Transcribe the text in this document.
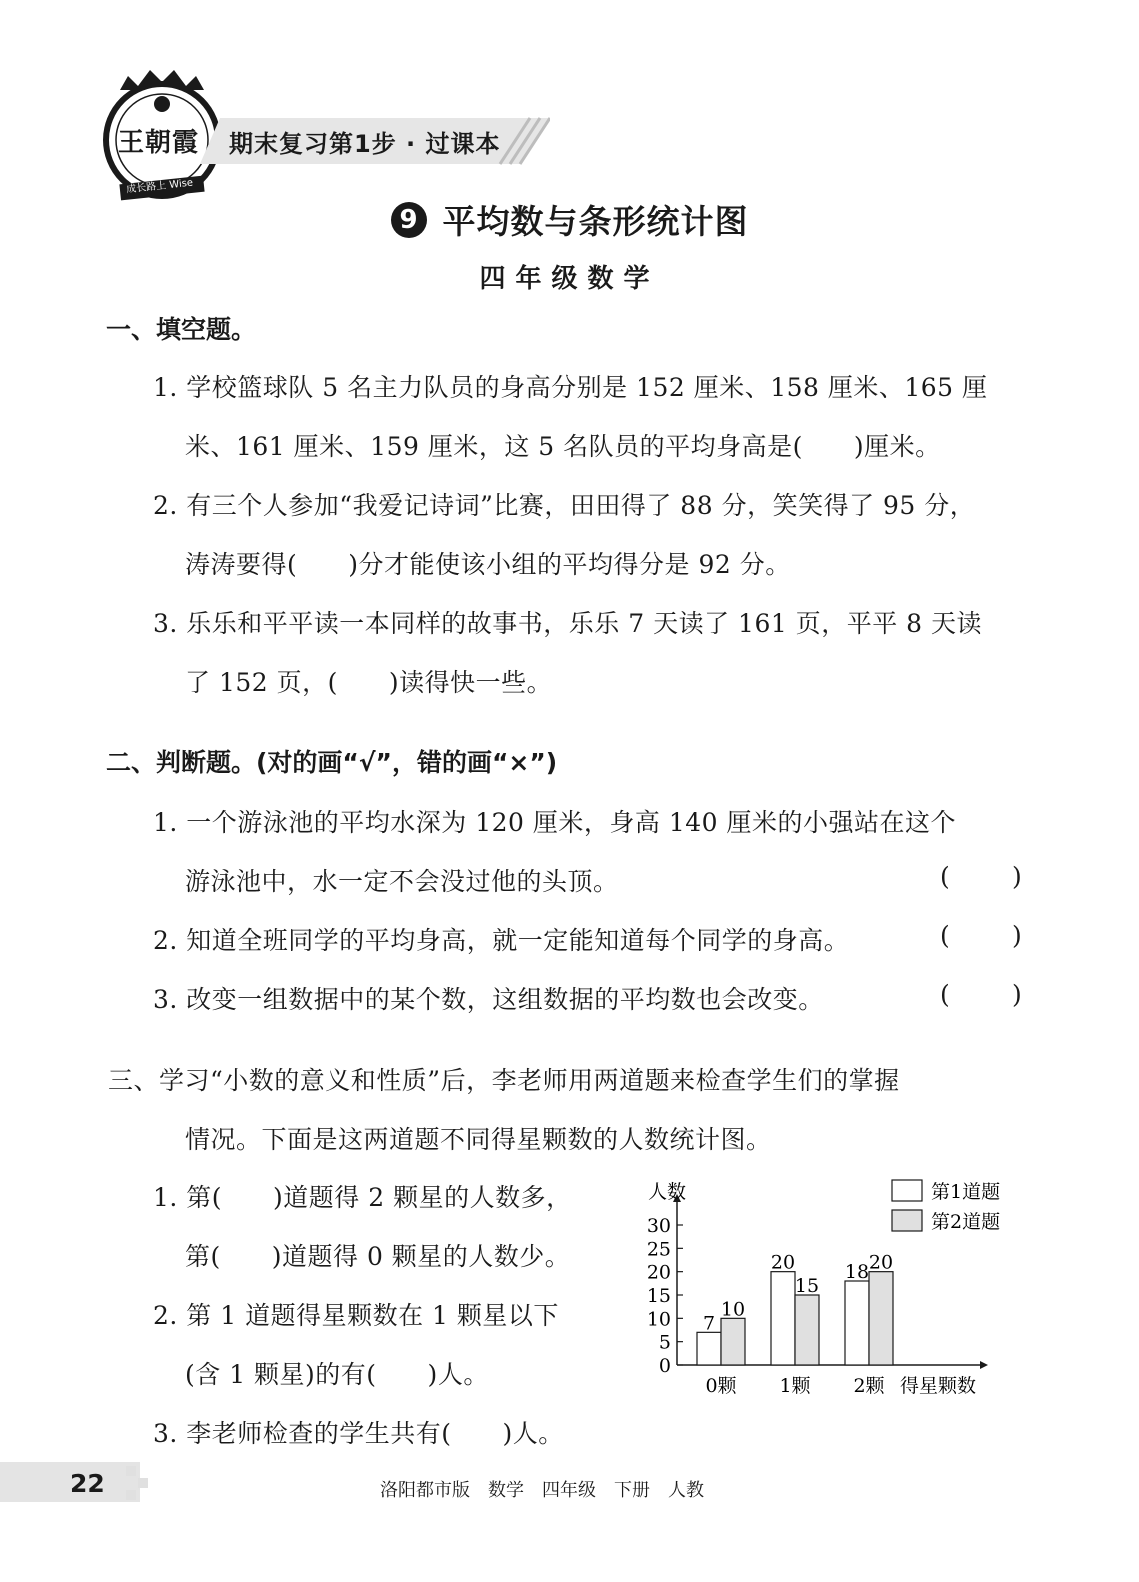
王朝霞
成长路上 Wise
期末复习第1步 · 过课本
9 平均数与条形统计图
四年级数学
一、填空题。
1. 学校篮球队 5 名主力队员的身高分别是 152 厘米、158 厘米、165 厘
米、161 厘米、159 厘米，这 5 名队员的平均身高是(　　)厘米。
2. 有三个人参加“我爱记诗词”比赛，田田得了 88 分，笑笑得了 95 分，
涛涛要得(　　)分才能使该小组的平均得分是 92 分。
3. 乐乐和平平读一本同样的故事书，乐乐 7 天读了 161 页，平平 8 天读
了 152 页，(　　)读得快一些。
二、判断题。(对的画“√”，错的画“×”)
1. 一个游泳池的平均水深为 120 厘米，身高 140 厘米的小强站在这个
游泳池中，水一定不会没过他的头顶。	( )
2. 知道全班同学的平均身高，就一定能知道每个同学的身高。	( )
3. 改变一组数据中的某个数，这组数据的平均数也会改变。	( )
三、学习“小数的意义和性质”后，李老师用两道题来检查学生们的掌握
情况。下面是这两道题不同得星颗数的人数统计图。
1. 第(　　)道题得 2 颗星的人数多，
第(　　)道题得 0 颗星的人数少。
2. 第 1 道题得星颗数在 1 颗星以下
(含 1 颗星)的有(　　)人。
3. 李老师检查的学生共有(　　)人。
人数
得星颗数
0
5
10
15
20
25
30
7
10
0颗
20
15
1颗
18 20
2颗
第1道题
第2道题
22	洛阳都市版　数学　四年级　下册　人教
